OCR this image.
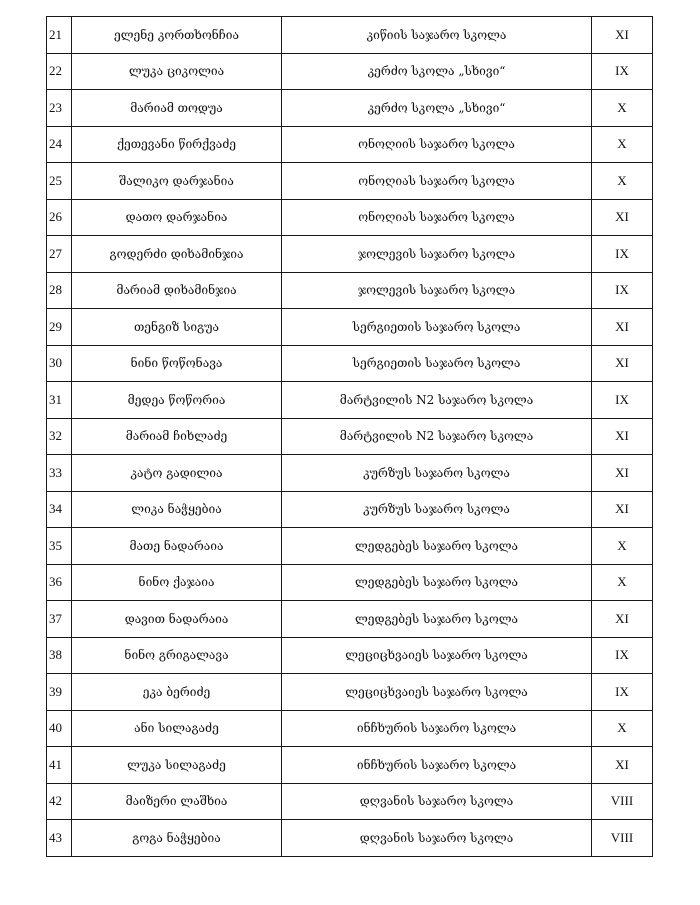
21	ელენე კორთხონჩია	კიწიის საჯარო სკოლა	XI
22	ლუკა ციკოლია	კერძო სკოლა „სხივი“	IX
23	მარიამ თოდუა	კერძო სკოლა „სხივი“	X
24	ქეთევანი წირქვაძე	ონოღიის საჯარო სკოლა	X
25	შალიკო დარჯანია	ონოღიას საჯარო სკოლა	X
26	დათო დარჯანია	ონოღიას საჯარო სკოლა	XI
27	გოდერძი დიხამინჯია	ჯოლევის საჯარო სკოლა	IX
28	მარიამ დიხამინჯია	ჯოლევის საჯარო სკოლა	IX
29	თენგიზ სიგუა	სერგიეთის საჯარო სკოლა	XI
30	ნინი წოწონავა	სერგიეთის საჯარო სკოლა	XI
31	მედეა წოწორია	მარტვილის N2 საჯარო სკოლა	IX
32	მარიამ ჩიხლაძე	მარტვილის N2 საჯარო სკოლა	XI
33	კატო გადილია	კურზუს საჯარო სკოლა	XI
34	ლიკა ნაჭყებია	კურზუს საჯარო სკოლა	XI
35	მათე ნადარაია	ლედგებეს საჯარო სკოლა	X
36	ნინო ქაჯაია	ლედგებეს საჯარო სკოლა	X
37	დავით ნადარაია	ლედგებეს საჯარო სკოლა	XI
38	ნინო გრიგალავა	ლეციცხვაიეს საჯარო სკოლა	IX
39	ეკა ბერიძე	ლეციცხვაიეს საჯარო სკოლა	IX
40	ანი სილაგაძე	ინჩხურის საჯარო სკოლა	X
41	ლუკა სილაგაძე	ინჩხურის საჯარო სკოლა	XI
42	მაიზერი ლაშხია	დღვანის საჯარო სკოლა	VIII
43	გოგა ნაჭყებია	დღვანის საჯარო სკოლა	VIII
